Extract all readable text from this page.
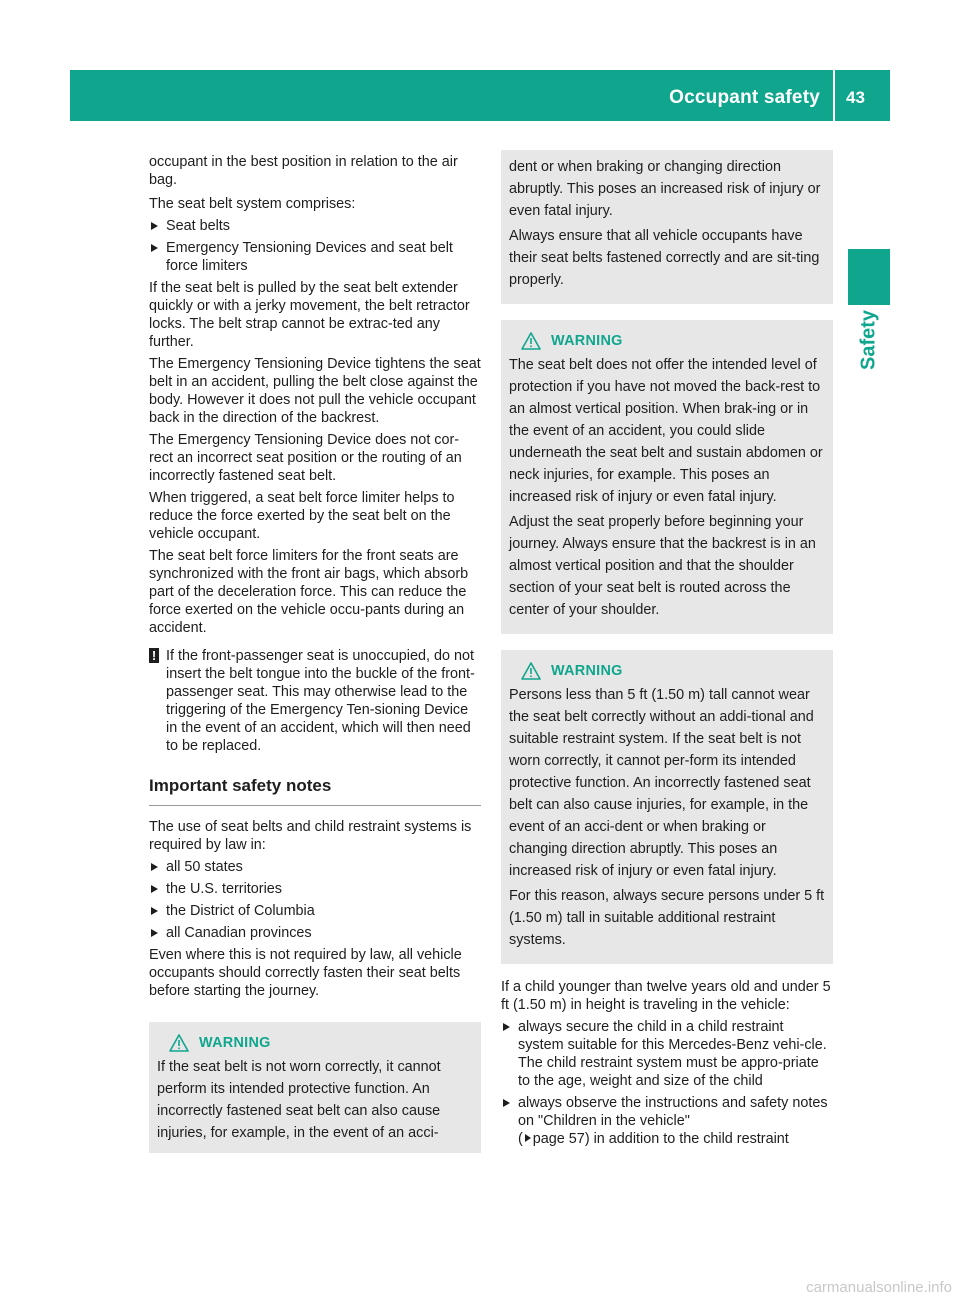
Occupant safety 43
Safety

occupant in the best position in relation to the air bag.

The seat belt system comprises:

Seat belts
Emergency Tensioning Devices and seat belt force limiters

If the seat belt is pulled by the seat belt extender quickly or with a jerky movement, the belt retractor locks. The belt strap cannot be extrac-ted any further.

The Emergency Tensioning Device tightens the seat belt in an accident, pulling the belt close against the body. However it does not pull the vehicle occupant back in the direction of the backrest.

The Emergency Tensioning Device does not cor-rect an incorrect seat position or the routing of an incorrectly fastened seat belt.

When triggered, a seat belt force limiter helps to reduce the force exerted by the seat belt on the vehicle occupant.

The seat belt force limiters for the front seats are synchronized with the front air bags, which absorb part of the deceleration force. This can reduce the force exerted on the vehicle occu-pants during an accident.

! If the front-passenger seat is unoccupied, do not insert the belt tongue into the buckle of the front-passenger seat. This may otherwise lead to the triggering of the Emergency Ten-sioning Device in the event of an accident, which will then need to be replaced.
Important safety notes

The use of seat belts and child restraint systems is required by law in:

all 50 states
the U.S. territories
the District of Columbia
all Canadian provinces

Even where this is not required by law, all vehicle occupants should correctly fasten their seat belts before starting the journey.

WARNING

If the seat belt is not worn correctly, it cannot perform its intended protective function. An incorrectly fastened seat belt can also cause injuries, for example, in the event of an acci-

dent or when braking or changing direction abruptly. This poses an increased risk of injury or even fatal injury.

Always ensure that all vehicle occupants have their seat belts fastened correctly and are sit-ting properly.

WARNING

The seat belt does not offer the intended level of protection if you have not moved the back-rest to an almost vertical position. When brak-ing or in the event of an accident, you could slide underneath the seat belt and sustain abdomen or neck injuries, for example. This poses an increased risk of injury or even fatal injury.

Adjust the seat properly before beginning your journey. Always ensure that the backrest is in an almost vertical position and that the shoulder section of your seat belt is routed across the center of your shoulder.

WARNING

Persons less than 5 ft (1.50 m) tall cannot wear the seat belt correctly without an addi-tional and suitable restraint system. If the seat belt is not worn correctly, it cannot per-form its intended protective function. An incorrectly fastened seat belt can also cause injuries, for example, in the event of an acci-dent or when braking or changing direction abruptly. This poses an increased risk of injury or even fatal injury.

For this reason, always secure persons under 5 ft (1.50 m) tall in suitable additional restraint systems.

If a child younger than twelve years old and under 5 ft (1.50 m) in height is traveling in the vehicle:

always secure the child in a child restraint system suitable for this Mercedes-Benz vehi-cle. The child restraint system must be appro-priate to the age, weight and size of the child
always observe the instructions and safety notes on "Children in the vehicle"
( page 57) in addition to the child restraint
carmanualsonline.info
